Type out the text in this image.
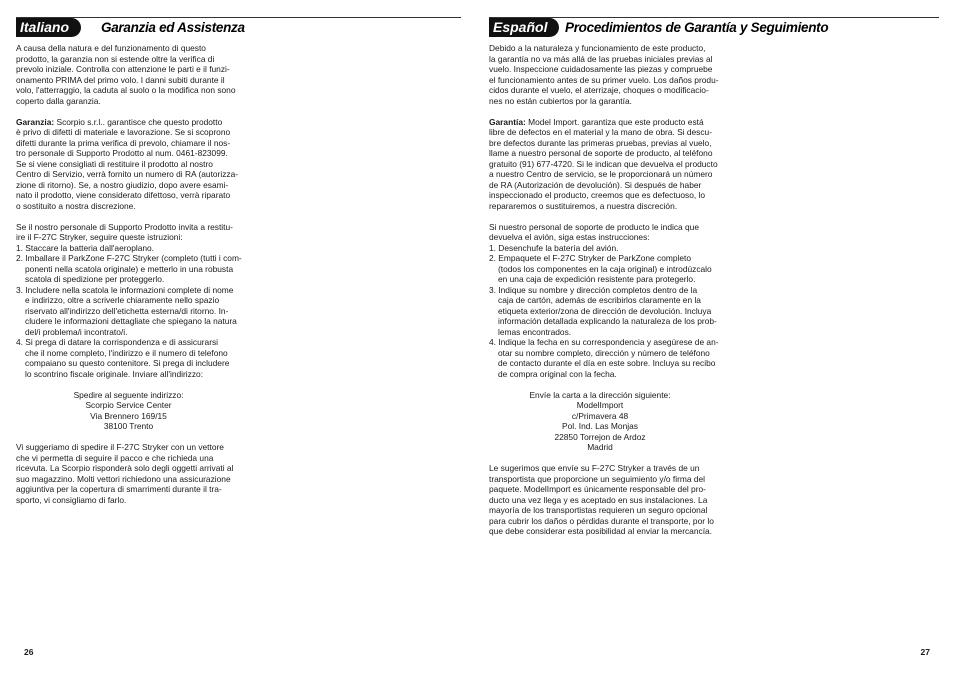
Italiano	Garanzia ed Assistenza
A causa della natura e del funzionamento di questo
prodotto, la garanzia non si estende oltre la verifica di
prevolo iniziale. Controlla con attenzione le parti e il funzi-
onamento PRIMA del primo volo. I danni subiti durante il
volo, l'atterraggio, la caduta al suolo o la modifica non sono
coperto dalla garanzia.
Garanzia: Scorpio s.r.l.. garantisce che questo prodotto
è privo di difetti di materiale e lavorazione. Se si scoprono
difetti durante la prima verifica di prevolo, chiamare il nos-
tro personale di Supporto Prodotto al num. 0461-823099.
Se si viene consigliati di restituire il prodotto al nostro
Centro di Servizio, verrà fornito un numero di RA (autorizza-
zione di ritorno). Se, a nostro giudizio, dopo avere esami-
nato il prodotto, viene considerato difettoso, verrà riparato
o sostituito a nostra discrezione.
Se il nostro personale di Supporto Prodotto invita a restitu-
ire il F-27C Stryker, seguire queste istruzioni:
1. Staccare la batteria dall'aeroplano.
2. Imballare il ParkZone F-27C Stryker (completo (tutti i com-
ponenti nella scatola originale) e metterlo in una robusta
scatola di spedizione per proteggerlo.
3. Includere nella scatola le informazioni complete di nome
e indirizzo, oltre a scriverle chiaramente nello spazio
riservato all'indirizzo dell'etichetta esterna/di ritorno. In-
cludere le informazioni dettagliate che spiegano la natura
del/i problema/i incontrato/i.
4. Si prega di datare la corrispondenza e di assicurarsi
che il nome completo, l'indirizzo e il numero di telefono
compaiano su questo contenitore. Si prega di includere
lo scontrino fiscale originale. Inviare all'indirizzo:
Spedire al seguente indirizzo:
Scorpio Service Center
Via Brennero 169/15
38100 Trento
Vi suggeriamo di spedire il F-27C Stryker con un vettore
che vi permetta di seguire il pacco e che richieda una
ricevuta. La Scorpio risponderà solo degli oggetti arrivati al
suo magazzino. Molti vettori richiedono una assicurazione
aggiuntiva per la copertura di smarrimenti durante il tra-
sporto, vi consigliamo di farlo.
26
Español	Procedimientos de Garantía y Seguimiento
Debido a la naturaleza y funcionamiento de este producto,
la garantía no va más allá de las pruebas iniciales previas al
vuelo. Inspeccione cuidadosamente las piezas y compruebe
el funcionamiento antes de su primer vuelo. Los daños produ-
cidos durante el vuelo, el aterrizaje, choques o modificacio-
nes no están cubiertos por la garantía.
Garantía: Model Import. garantiza que este producto está
libre de defectos en el material y la mano de obra. Si descu-
bre defectos durante las primeras pruebas, previas al vuelo,
llame a nuestro personal de soporte de producto, al teléfono
gratuito (91) 677-4720. Si le indican que devuelva el producto
a nuestro Centro de servicio, se le proporcionará un número
de RA (Autorización de devolución). Si después de haber
inspeccionado el producto, creemos que es defectuoso, lo
repararemos o sustituiremos, a nuestra discreción.
Si nuestro personal de soporte de producto le indica que
devuelva el avión, siga estas instrucciones:
1. Desenchufe la batería del avión.
2. Empaquete el F-27C Stryker de ParkZone completo
(todos los componentes en la caja original) e introdúzcalo
en una caja de expedición resistente para protegerlo.
3. Indique su nombre y dirección completos dentro de la
caja de cartón, además de escribirlos claramente en la
etiqueta exterior/zona de dirección de devolución. Incluya
información detallada explicando la naturaleza de los prob-
lemas encontrados.
4. Indique la fecha en su correspondencia y asegúrese de an-
otar su nombre completo, dirección y número de teléfono
de contacto durante el día en este sobre. Incluya su recibo
de compra original con la fecha.
Envíe la carta a la dirección siguiente:
ModelImport
c/Primavera 48
Pol. Ind. Las Monjas
22850 Torrejon de Ardoz
Madrid
Le sugerimos que envíe su F-27C Stryker a través de un
transportista que proporcione un seguimiento y/o firma del
paquete. ModelImport es únicamente responsable del pro-
ducto una vez llega y es aceptado en sus instalaciones. La
mayoría de los transportistas requieren un seguro opcional
para cubrir los daños o pérdidas durante el transporte, por lo
que debe considerar esta posibilidad al enviar la mercancía.
27
